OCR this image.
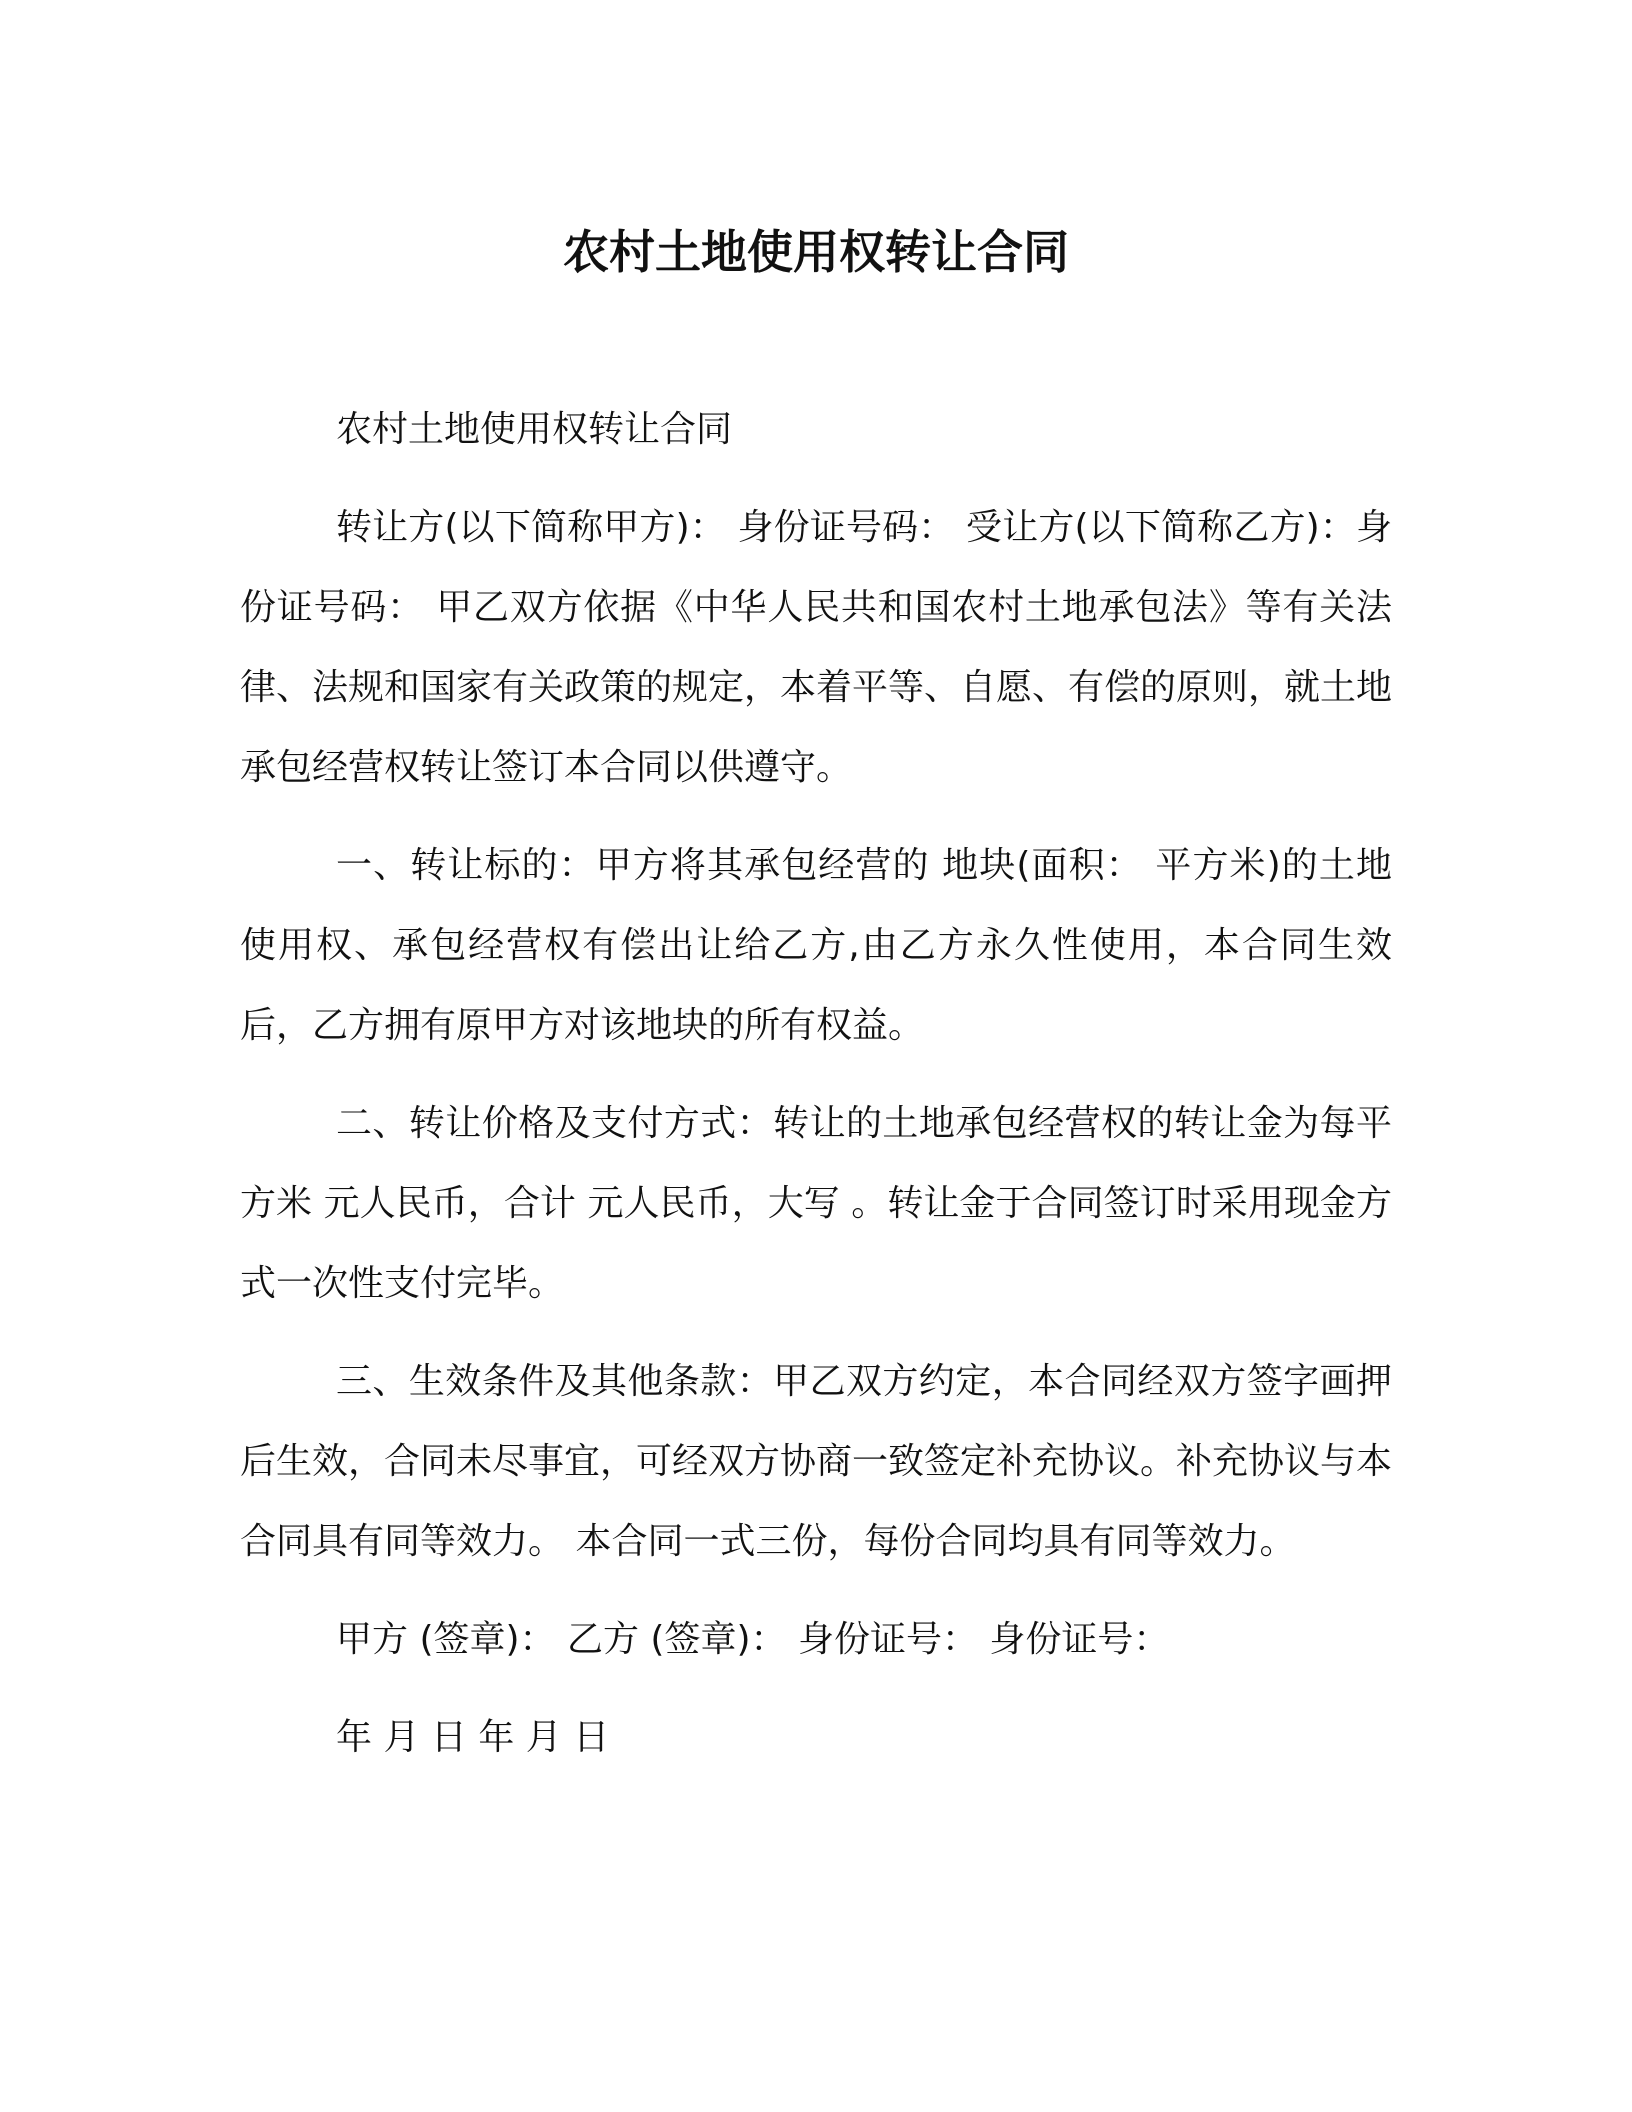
农村土地使用权转让合同

农村土地使用权转让合同

转让方(以下简称甲方)： 身份证号码： 受让方(以下简称乙方)：身份证号码： 甲乙双方依据《中华人民共和国农村土地承包法》等有关法律、法规和国家有关政策的规定，本着平等、自愿、有偿的原则，就土地承包经营权转让签订本合同以供遵守。

一、转让标的：甲方将其承包经营的 地块(面积： 平方米)的土地使用权、承包经营权有偿出让给乙方,由乙方永久性使用，本合同生效后，乙方拥有原甲方对该地块的所有权益。

二、转让价格及支付方式：转让的土地承包经营权的转让金为每平方米 元人民币，合计 元人民币，大写 。转让金于合同签订时采用现金方式一次性支付完毕。

三、生效条件及其他条款：甲乙双方约定，本合同经双方签字画押后生效，合同未尽事宜，可经双方协商一致签定补充协议。补充协议与本合同具有同等效力。 本合同一式三份，每份合同均具有同等效力。

甲方 (签章)： 乙方 (签章)： 身份证号： 身份证号：

年 月 日 年 月 日
